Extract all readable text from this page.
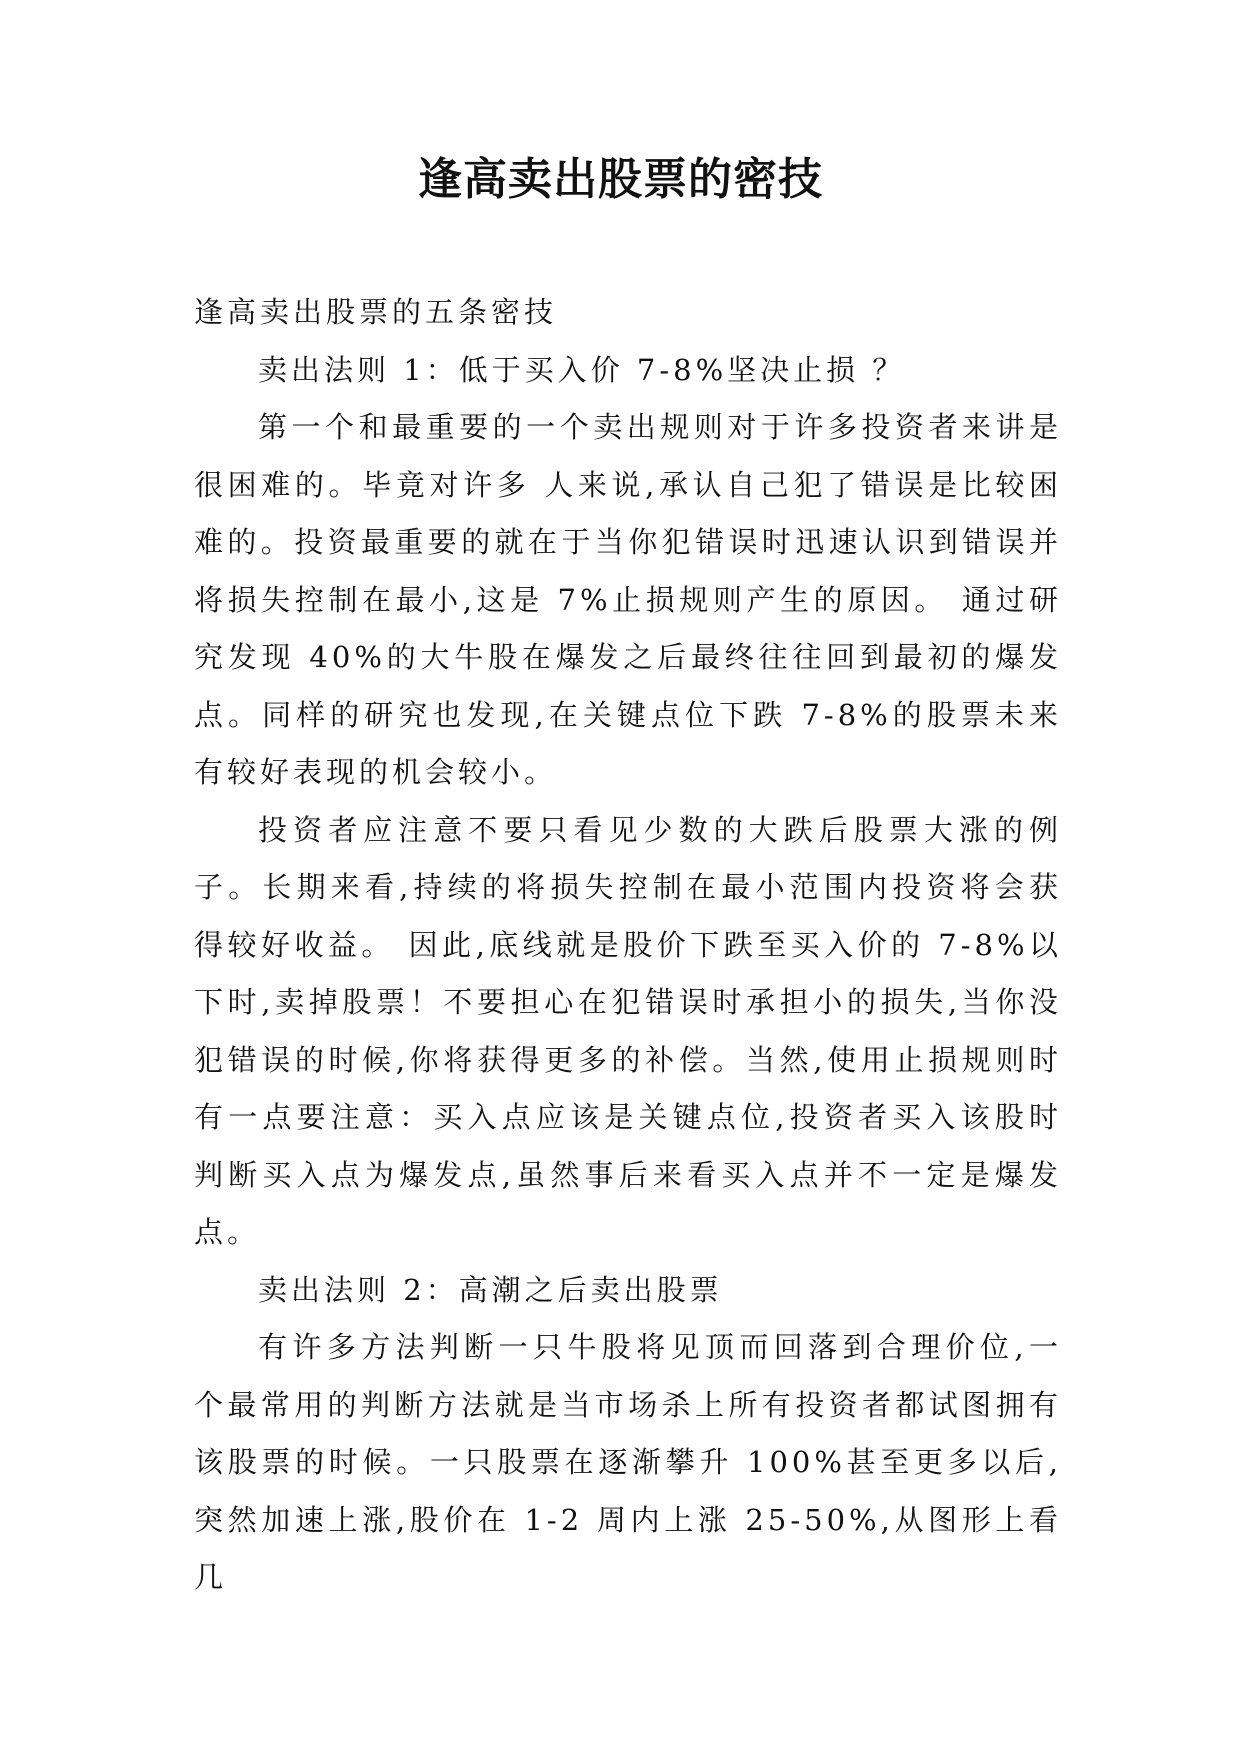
逢高卖出股票的密技

逢高卖出股票的五条密技

卖出法则 1：低于买入价 7-8%坚决止损 ？

第一个和最重要的一个卖出规则对于许多投资者来讲是很困难的。毕竟对许多 人来说,承认自己犯了错误是比较困难的。投资最重要的就在于当你犯错误时迅速认识到错误并将损失控制在最小,这是 7%止损规则产生的原因。 通过研究发现 40%的大牛股在爆发之后最终往往回到最初的爆发点。同样的研究也发现,在关键点位下跌 7-8%的股票未来有较好表现的机会较小。

投资者应注意不要只看见少数的大跌后股票大涨的例子。长期来看,持续的将损失控制在最小范围内投资将会获得较好收益。 因此,底线就是股价下跌至买入价的 7-8%以下时,卖掉股票！不要担心在犯错误时承担小的损失,当你没犯错误的时候,你将获得更多的补偿。当然,使用止损规则时有一点要注意：买入点应该是关键点位,投资者买入该股时判断买入点为爆发点,虽然事后来看买入点并不一定是爆发点。

卖出法则 2：高潮之后卖出股票

有许多方法判断一只牛股将见顶而回落到合理价位,一个最常用的判断方法就是当市场杀上所有投资者都试图拥有该股票的时候。一只股票在逐渐攀升 100%甚至更多以后,突然加速上涨,股价在 1-2 周内上涨 25-50%,从图形上看几
